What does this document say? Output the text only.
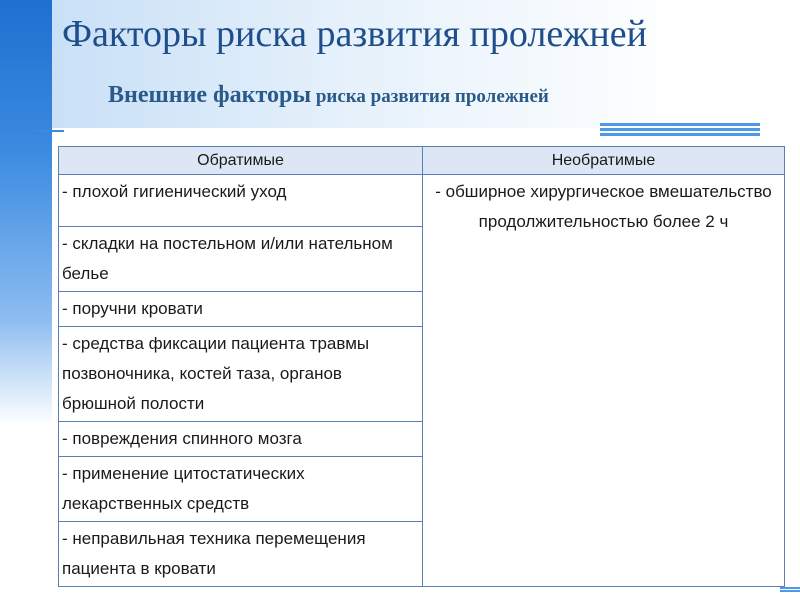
Факторы риска развития пролежней
Внешние факторы риска развития пролежней
Обратимые	Необратимые
- плохой гигиенический уход	- обширное хирургическое вмешательство продолжительностью более 2 ч
- складки на постельном и/или нательном белье	
- поручни кровати	
- средства фиксации пациента травмы позвоночника, костей таза, органов брюшной полости	
- повреждения спинного мозга	
- применение цитостатических лекарственных средств	
- неправильная техника перемещения пациента в кровати	
